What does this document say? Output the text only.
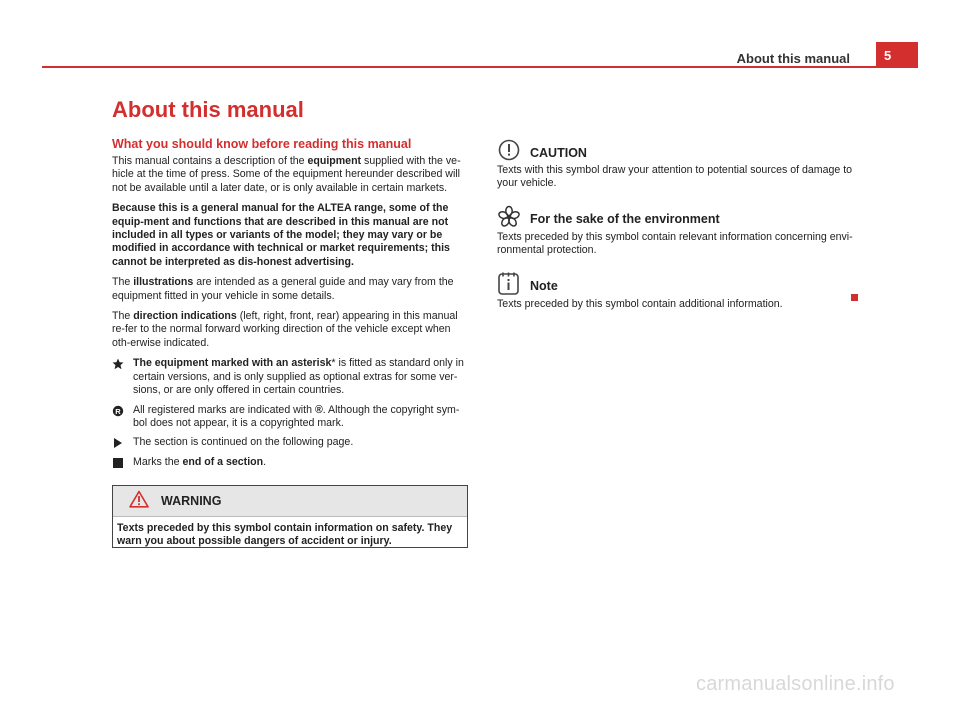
About this manual	5
About this manual
What you should know before reading this manual

This manual contains a description of the equipment supplied with the ve-hicle at the time of press. Some of the equipment hereunder described will not be available until a later date, or is only available in certain markets.

Because this is a general manual for the ALTEA range, some of the equip-ment and functions that are described in this manual are not included in all types or variants of the model; they may vary or be modified in accordance with technical or market requirements; this cannot be interpreted as dis-honest advertising.

The illustrations are intended as a general guide and may vary from the equipment fitted in your vehicle in some details.

The direction indications (left, right, front, rear) appearing in this manual re-fer to the normal forward working direction of the vehicle except when oth-erwise indicated.

The equipment marked with an asterisk* is fitted as standard only in certain versions, and is only supplied as optional extras for some ver-sions, or are only offered in certain countries.
R All registered marks are indicated with ®. Although the copyright sym-bol does not appear, it is a copyrighted mark.
The section is continued on the following page.
Marks the end of a section.
WARNING
Texts preceded by this symbol contain information on safety. They warn you about possible dangers of accident or injury.
CAUTION
Texts with this symbol draw your attention to potential sources of damage to your vehicle.
For the sake of the environment
Texts preceded by this symbol contain relevant information concerning envi-ronmental protection.
Note
Texts preceded by this symbol contain additional information.
carmanualsonline.info
